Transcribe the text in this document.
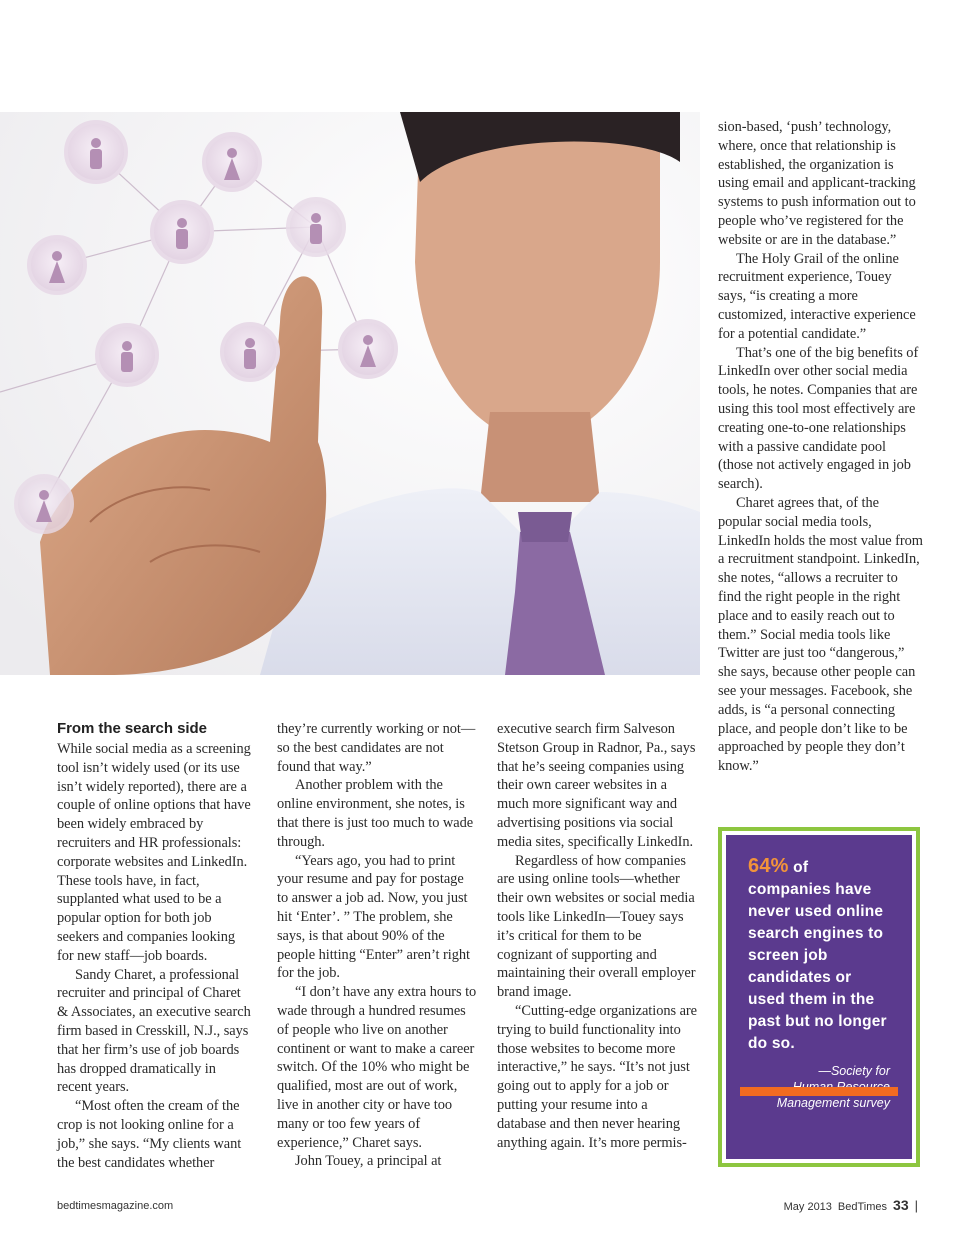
From the search side

While social media as a screening tool isn’t widely used (or its use isn’t widely reported), there are a couple of online options that have been widely embraced by recruiters and HR professionals: corporate websites and LinkedIn. These tools have, in fact, supplanted what used to be a popular option for both job seekers and companies looking for new staff—job boards.

Sandy Charet, a professional recruiter and principal of Charet & Associates, an executive search firm based in Cresskill, N.J., says that her firm’s use of job boards has dropped dramatically in recent years.

“Most often the cream of the crop is not looking online for a job,” she says. “My clients want the best candidates whether

they’re currently working or not—so the best candidates are not found that way.”

Another problem with the online environment, she notes, is that there is just too much to wade through.

“Years ago, you had to print your resume and pay for postage to answer a job ad. Now, you just hit ‘Enter’. ” The problem, she says, is that about 90% of the people hitting “Enter” aren’t right for the job.

“I don’t have any extra hours to wade through a hundred resumes of people who live on another continent or want to make a career switch. Of the 10% who might be qualified, most are out of work, live in another city or have too many or too few years of experience,” Charet says.

John Touey, a principal at

executive search firm Salveson Stetson Group in Radnor, Pa., says that he’s seeing companies using their own career websites in a much more significant way and advertising positions via social media sites, specifically LinkedIn.

Regardless of how companies are using online tools—whether their own websites or social media tools like LinkedIn—Touey says it’s critical for them to be cognizant of supporting and maintaining their overall employer brand image.

“Cutting-edge organizations are trying to build functionality into those websites to become more interactive,” he says. “It’s not just going out to apply for a job or putting your resume into a database and then never hearing anything again. It’s more permis-

sion-based, ‘push’ technology, where, once that relationship is established, the organization is using email and applicant-tracking systems to push information out to people who’ve registered for the website or are in the database.”

The Holy Grail of the online recruitment experience, Touey says, “is creating a more customized, interactive experience for a potential candidate.”

That’s one of the big benefits of LinkedIn over other social media tools, he notes. Companies that are using this tool most effectively are creating one-to-one relationships with a passive candidate pool (those not actively engaged in job search).

Charet agrees that, of the popular social media tools, LinkedIn holds the most value from a recruitment standpoint. LinkedIn, she notes, “allows a recruiter to find the right people in the right place and to easily reach out to them.” Social media tools like Twitter are just too “dangerous,” she says, because other people can see your messages. Facebook, she adds, is “a personal connecting place, and people don’t like to be approached by people they don’t know.”

64% of companies have never used online search engines to screen job candidates or used them in the past but no longer do so.
—Society for
Management survey
bedtimesmagazine.com	May 2013 BedTimes 33 |
